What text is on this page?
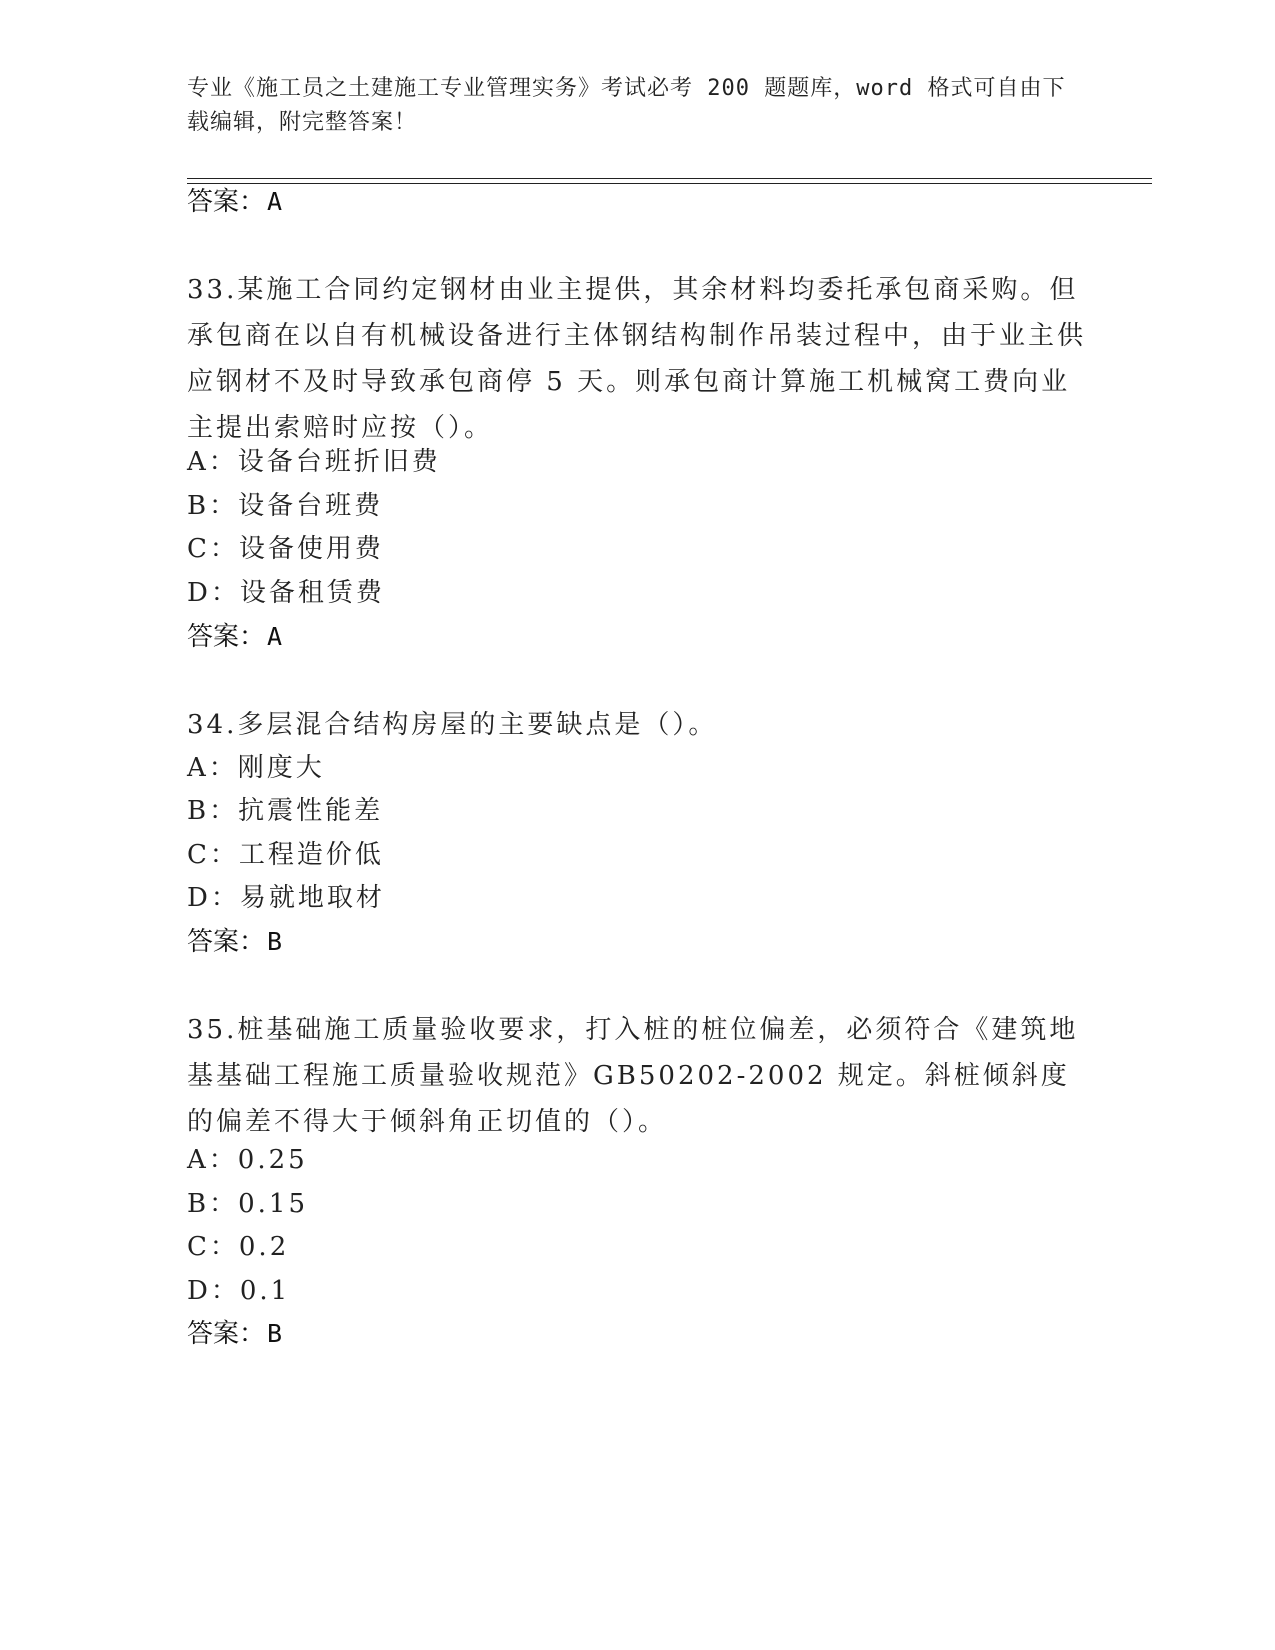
专业《施工员之土建施工专业管理实务》考试必考 200 题题库，word 格式可自由下载编辑，附完整答案！
答案：A
33.某施工合同约定钢材由业主提供，其余材料均委托承包商采购。但承包商在以自有机械设备进行主体钢结构制作吊装过程中，由于业主供应钢材不及时导致承包商停 5 天。则承包商计算施工机械窝工费向业主提出索赔时应按（）。
A：设备台班折旧费
B：设备台班费
C：设备使用费
D：设备租赁费
答案：A
34.多层混合结构房屋的主要缺点是（）。
A：刚度大
B：抗震性能差
C：工程造价低
D：易就地取材
答案：B
35.桩基础施工质量验收要求，打入桩的桩位偏差，必须符合《建筑地基基础工程施工质量验收规范》GB50202-2002 规定。斜桩倾斜度的偏差不得大于倾斜角正切值的（）。
A：0.25
B：0.15
C：0.2
D：0.1
答案：B
